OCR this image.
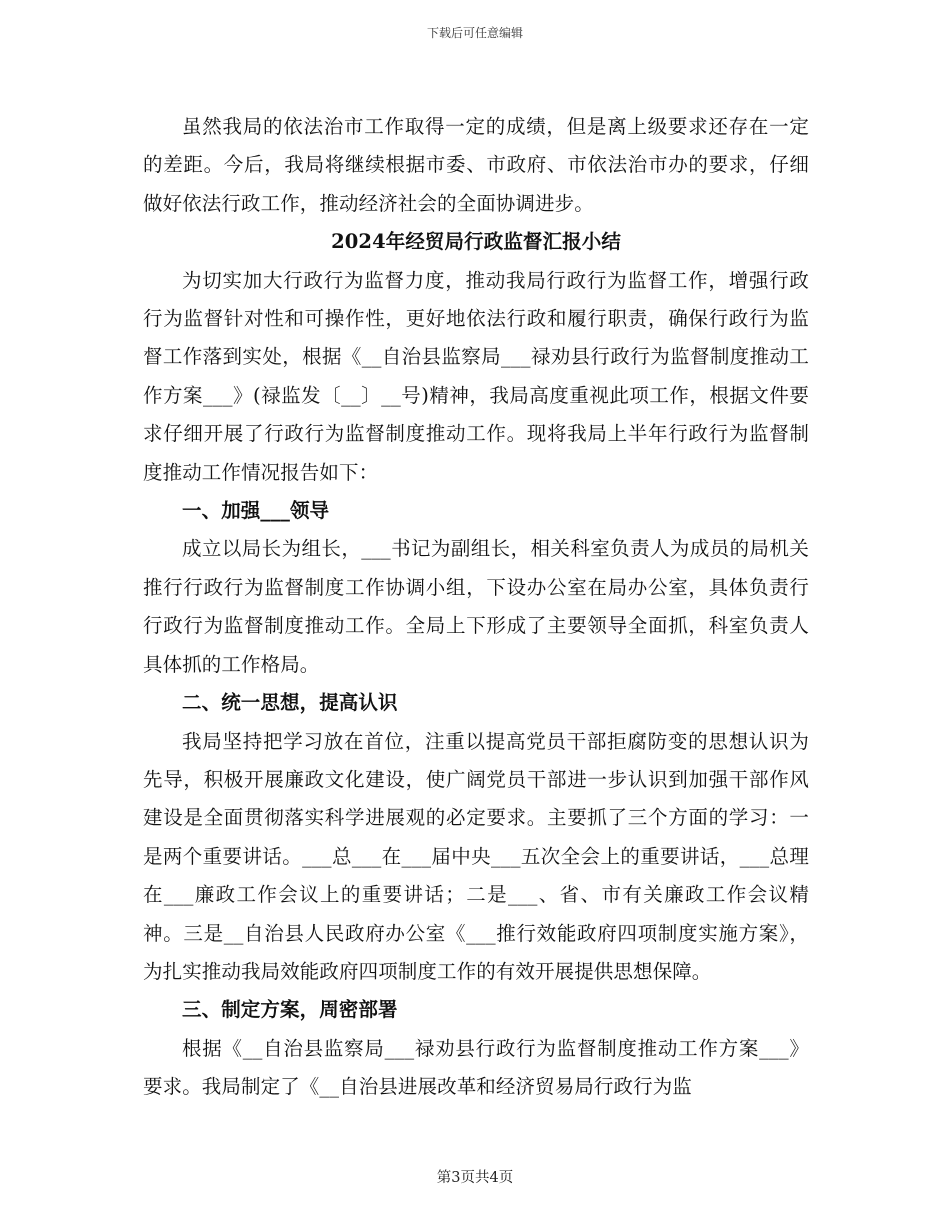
下载后可任意编辑

虽然我局的依法治市工作取得一定的成绩，但是离上级要求还存在一定的差距。今后，我局将继续根据市委、市政府、市依法治市办的要求，仔细做好依法行政工作，推动经济社会的全面协调进步。

2024年经贸局行政监督汇报小结

为切实加大行政行为监督力度，推动我局行政行为监督工作，增强行政行为监督针对性和可操作性，更好地依法行政和履行职责，确保行政行为监督工作落到实处，根据《__自治县监察局___禄劝县行政行为监督制度推动工作方案___》(禄监发〔__〕__号)精神，我局高度重视此项工作，根据文件要求仔细开展了行政行为监督制度推动工作。现将我局上半年行政行为监督制度推动工作情况报告如下：

一、加强___领导

成立以局长为组长，___书记为副组长，相关科室负责人为成员的局机关推行行政行为监督制度工作协调小组，下设办公室在局办公室，具体负责行行政行为监督制度推动工作。全局上下形成了主要领导全面抓，科室负责人具体抓的工作格局。

二、统一思想，提高认识

我局坚持把学习放在首位，注重以提高党员干部拒腐防变的思想认识为先导，积极开展廉政文化建设，使广阔党员干部进一步认识到加强干部作风建设是全面贯彻落实科学进展观的必定要求。主要抓了三个方面的学习：一是两个重要讲话。___总___在___届中央___五次全会上的重要讲话，___总理在___廉政工作会议上的重要讲话；二是___、省、市有关廉政工作会议精神。三是__自治县人民政府办公室《___推行效能政府四项制度实施方案》，为扎实推动我局效能政府四项制度工作的有效开展提供思想保障。

三、制定方案，周密部署

根据《__自治县监察局___禄劝县行政行为监督制度推动工作方案___》要求。我局制定了《__自治县进展改革和经济贸易局行政行为监

第3页共4页
